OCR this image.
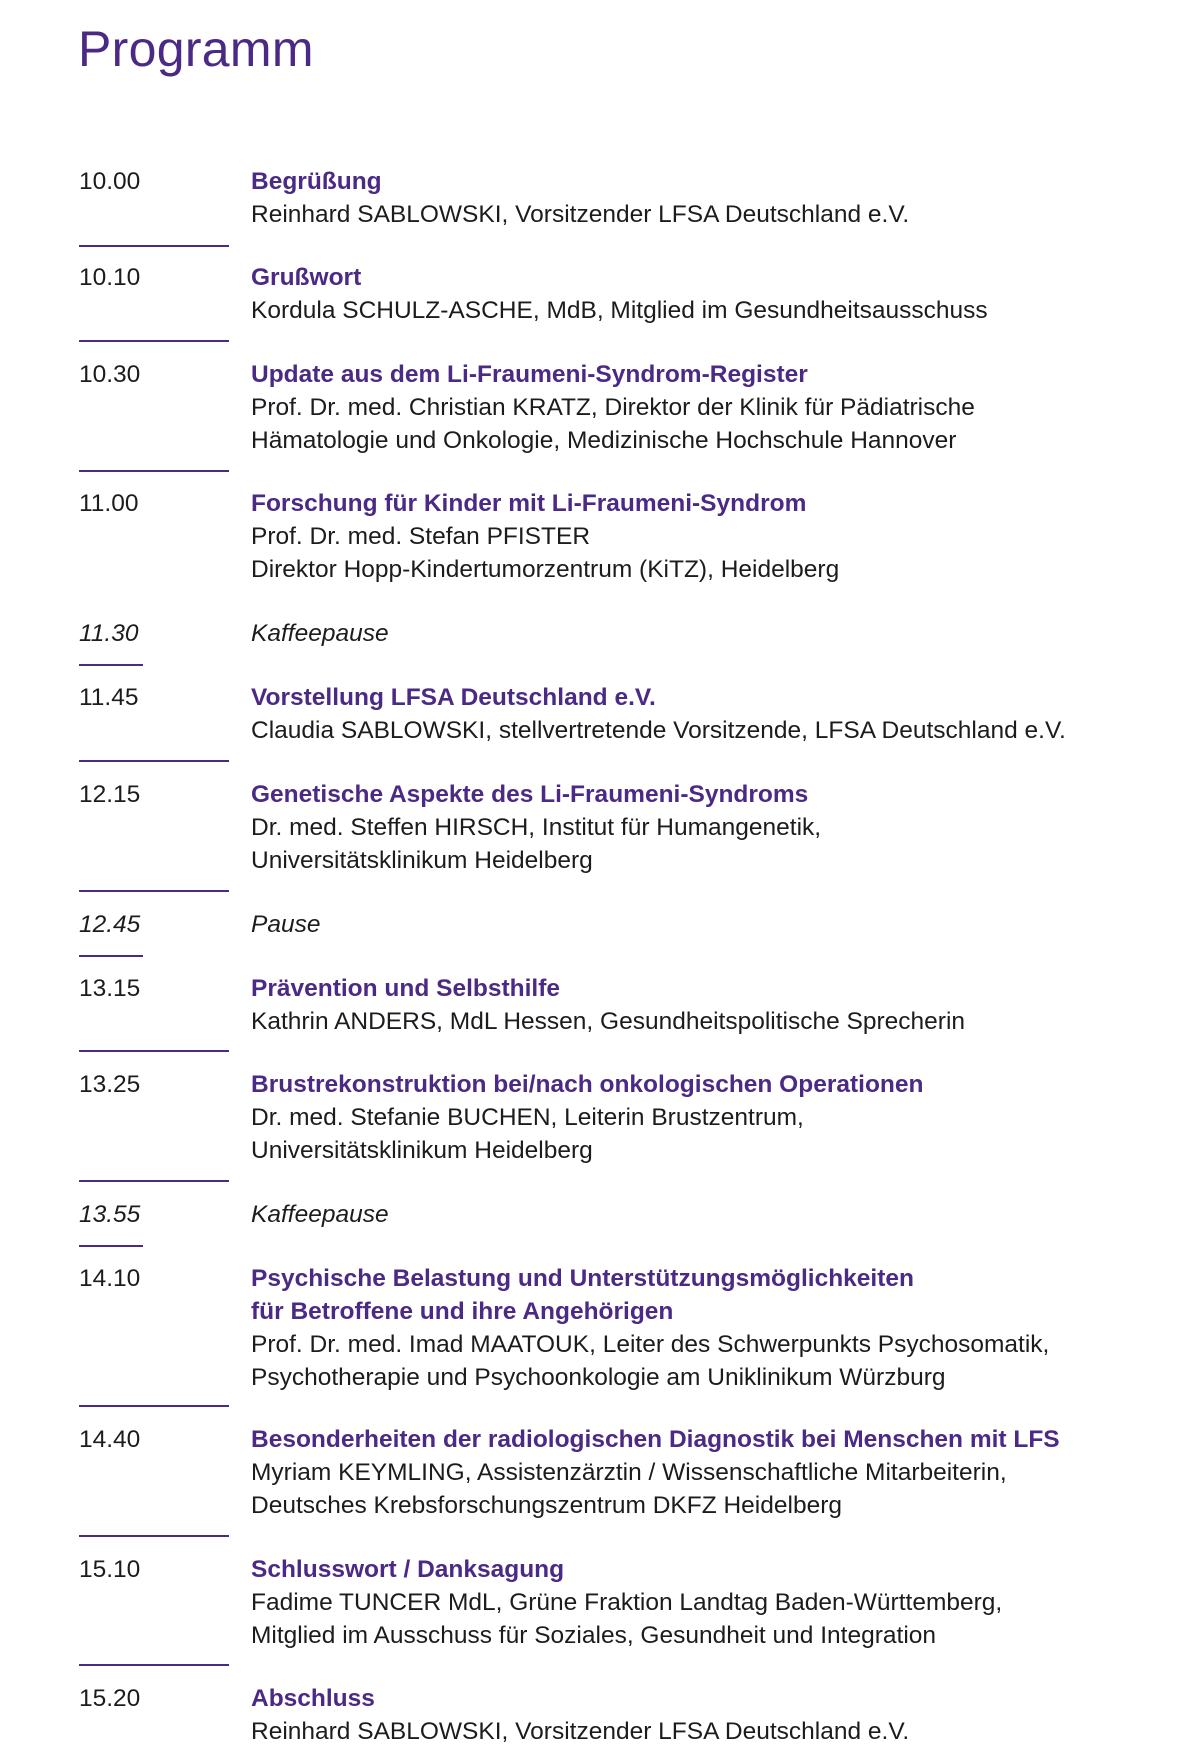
Programm
10.00	Begrüßung
Reinhard SABLOWSKI, Vorsitzender LFSA Deutschland e.V.
10.10	Grußwort
Kordula SCHULZ-ASCHE, MdB, Mitglied im Gesundheitsausschuss
10.30	Update aus dem Li-Fraumeni-Syndrom-Register
Prof. Dr. med. Christian KRATZ, Direktor der Klinik für Pädiatrische
Hämatologie und Onkologie, Medizinische Hochschule Hannover
11.00	Forschung für Kinder mit Li-Fraumeni-Syndrom
Prof. Dr. med. Stefan PFISTER
Direktor Hopp-Kindertumorzentrum (KiTZ), Heidelberg
11.30	Kaffeepause
11.45	Vorstellung LFSA Deutschland e.V.
Claudia SABLOWSKI, stellvertretende Vorsitzende, LFSA Deutschland e.V.
12.15	Genetische Aspekte des Li-Fraumeni-Syndroms
Dr. med. Steffen HIRSCH, Institut für Humangenetik,
Universitätsklinikum Heidelberg
12.45	Pause
13.15	Prävention und Selbsthilfe
Kathrin ANDERS, MdL Hessen, Gesundheitspolitische Sprecherin
13.25	Brustrekonstruktion bei/nach onkologischen Operationen
Dr. med. Stefanie BUCHEN, Leiterin Brustzentrum,
Universitätsklinikum Heidelberg
13.55	Kaffeepause
14.10	Psychische Belastung und Unterstützungsmöglichkeiten
für Betroffene und ihre Angehörigen
Prof. Dr. med. Imad MAATOUK, Leiter des Schwerpunkts Psychosomatik,
Psychotherapie und Psychoonkologie am Uniklinikum Würzburg
14.40	Besonderheiten der radiologischen Diagnostik bei Menschen mit LFS
Myriam KEYMLING, Assistenzärztin / Wissenschaftliche Mitarbeiterin,
Deutsches Krebsforschungszentrum DKFZ Heidelberg
15.10	Schlusswort / Danksagung
Fadime TUNCER MdL, Grüne Fraktion Landtag Baden-Württemberg,
Mitglied im Ausschuss für Soziales, Gesundheit und Integration
15.20	Abschluss
Reinhard SABLOWSKI, Vorsitzender LFSA Deutschland e.V.
